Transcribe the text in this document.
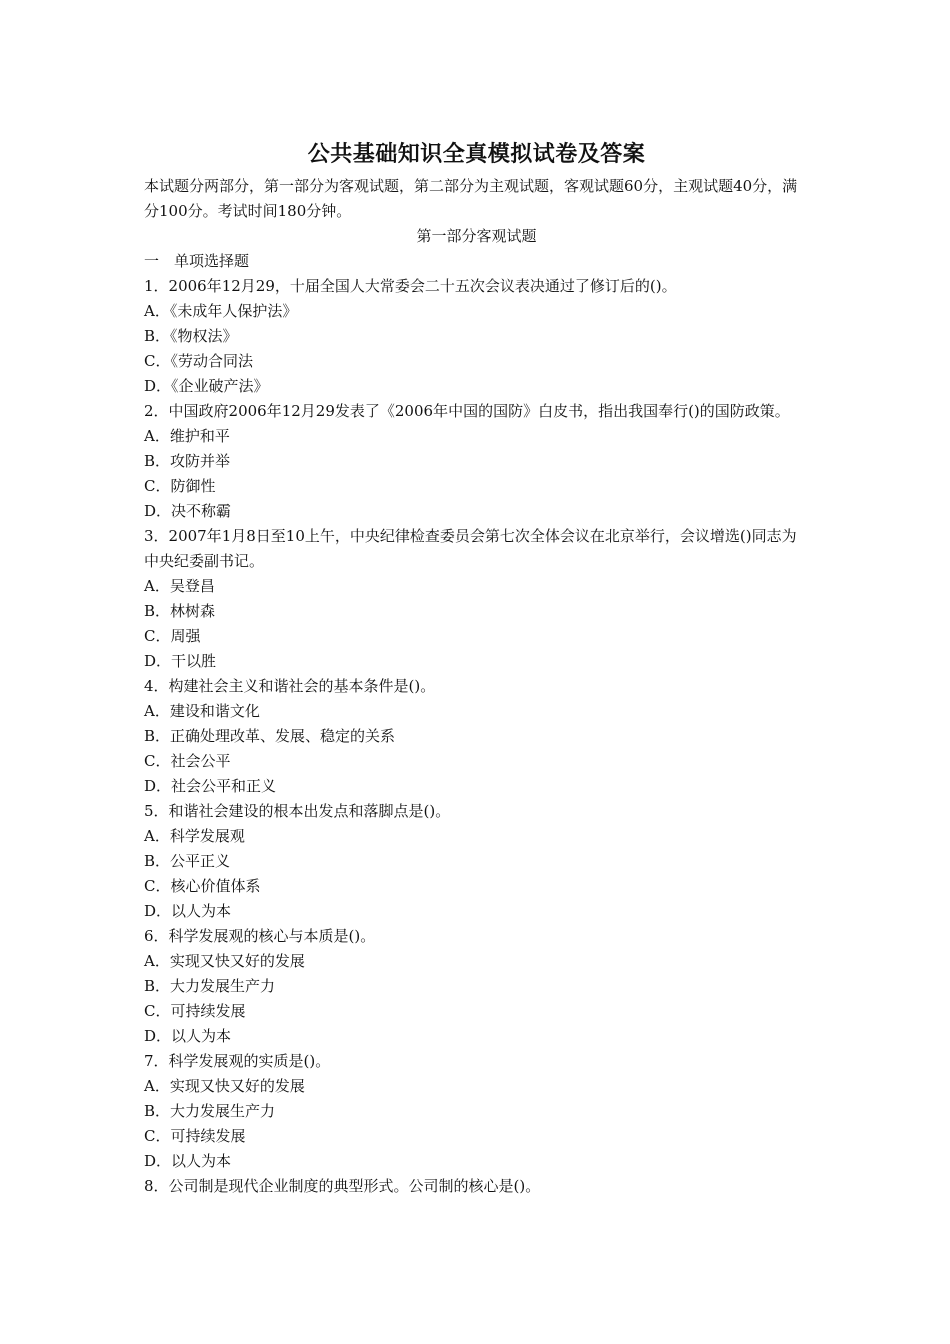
公共基础知识全真模拟试卷及答案

本试题分两部分，第一部分为客观试题，第二部分为主观试题，客观试题60分，主观试题40分，满分100分。考试时间180分钟。

第一部分客观试题

一　单项选择题

1．2006年12月29，十届全国人大常委会二十五次会议表决通过了修订后的()。

A．《未成年人保护法》

B．《物权法》

C．《劳动合同法

D．《企业破产法》

2．中国政府2006年12月29发表了《2006年中国的国防》白皮书，指出我国奉行()的国防政策。

A．维护和平

B．攻防并举

C．防御性

D．决不称霸

3．2007年1月8日至10上午，中央纪律检查委员会第七次全体会议在北京举行，会议增选()同志为中央纪委副书记。

A．吴登昌

B．林树森

C．周强

D．干以胜

4．构建社会主义和谐社会的基本条件是()。

A．建设和谐文化

B．正确处理改革、发展、稳定的关系

C．社会公平

D．社会公平和正义

5．和谐社会建设的根本出发点和落脚点是()。

A．科学发展观

B．公平正义

C．核心价值体系

D．以人为本

6．科学发展观的核心与本质是()。

A．实现又快又好的发展

B．大力发展生产力

C．可持续发展

D．以人为本

7．科学发展观的实质是()。

A．实现又快又好的发展

B．大力发展生产力

C．可持续发展

D．以人为本

8．公司制是现代企业制度的典型形式。公司制的核心是()。
